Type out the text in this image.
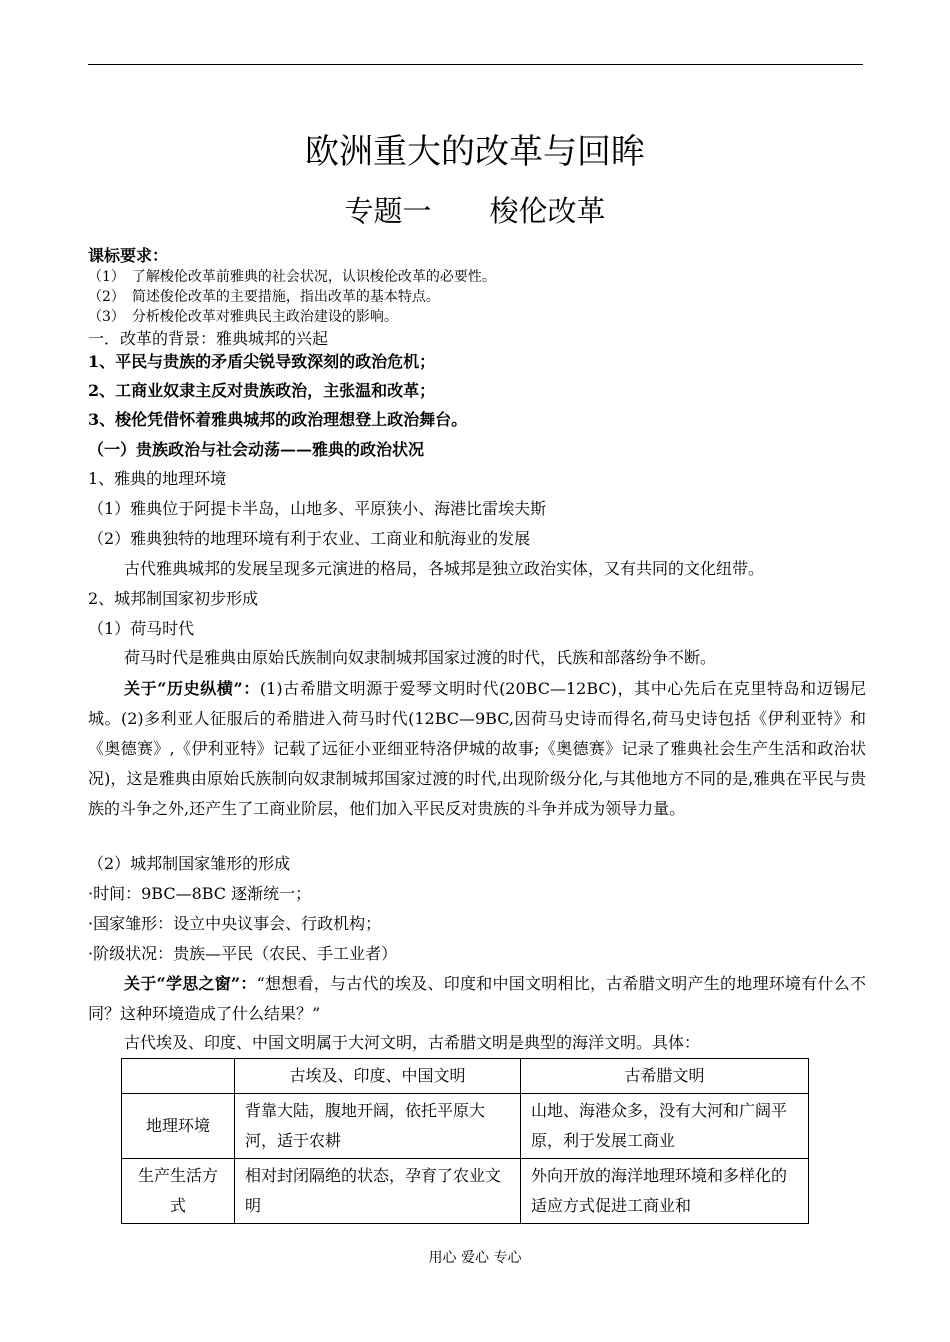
欧洲重大的改革与回眸
专题一　　梭伦改革
课标要求：
（1）　了解梭伦改革前雅典的社会状况，认识梭伦改革的必要性。
（2）　简述俊伦改革的主要措施，指出改革的基本特点。
（3）　分析梭伦改革对雅典民主政治建设的影响。
一．改革的背景：雅典城邦的兴起
1、平民与贵族的矛盾尖锐导致深刻的政治危机；
2、工商业奴隶主反对贵族政治，主张温和改革；
3、梭伦凭借怀着雅典城邦的政治理想登上政治舞台。
（一）贵族政治与社会动荡——雅典的政治状况
1、雅典的地理环境
（1）雅典位于阿提卡半岛，山地多、平原狭小、海港比雷埃夫斯
（2）雅典独特的地理环境有利于农业、工商业和航海业的发展
古代雅典城邦的发展呈现多元演进的格局，各城邦是独立政治实体，又有共同的文化纽带。
2、城邦制国家初步形成
（1）荷马时代
荷马时代是雅典由原始氏族制向奴隶制城邦国家过渡的时代，氏族和部落纷争不断。
关于“历史纵横”：(1)古希腊文明源于爱琴文明时代(20BC—12BC)，其中心先后在克里特岛和迈锡尼城。(2)多利亚人征服后的希腊进入荷马时代(12BC—9BC,因荷马史诗而得名,荷马史诗包括《伊利亚特》和《奥德赛》,《伊利亚特》记载了远征小亚细亚特洛伊城的故事;《奥德赛》记录了雅典社会生产生活和政治状况)，这是雅典由原始氏族制向奴隶制城邦国家过渡的时代,出现阶级分化,与其他地方不同的是,雅典在平民与贵族的斗争之外,还产生了工商业阶层，他们加入平民反对贵族的斗争并成为领导力量。
（2）城邦制国家雏形的形成
·时间：9BC—8BC 逐渐统一；
·国家雏形：设立中央议事会、行政机构；
·阶级状况：贵族—平民（农民、手工业者）
关于“学思之窗”：“想想看，与古代的埃及、印度和中国文明相比，古希腊文明产生的地理环境有什么不同？这种环境造成了什么结果？”
古代埃及、印度、中国文明属于大河文明，古希腊文明是典型的海洋文明。具体：
	古埃及、印度、中国文明	古希腊文明
地理环境	背靠大陆，腹地开阔，依托平原大河，适于农耕	山地、海港众多，没有大河和广阔平原，利于发展工商业
生产生活方式	相对封闭隔绝的状态，孕育了农业文明	外向开放的海洋地理环境和多样化的适应方式促进工商业和
用心 爱心 专心
